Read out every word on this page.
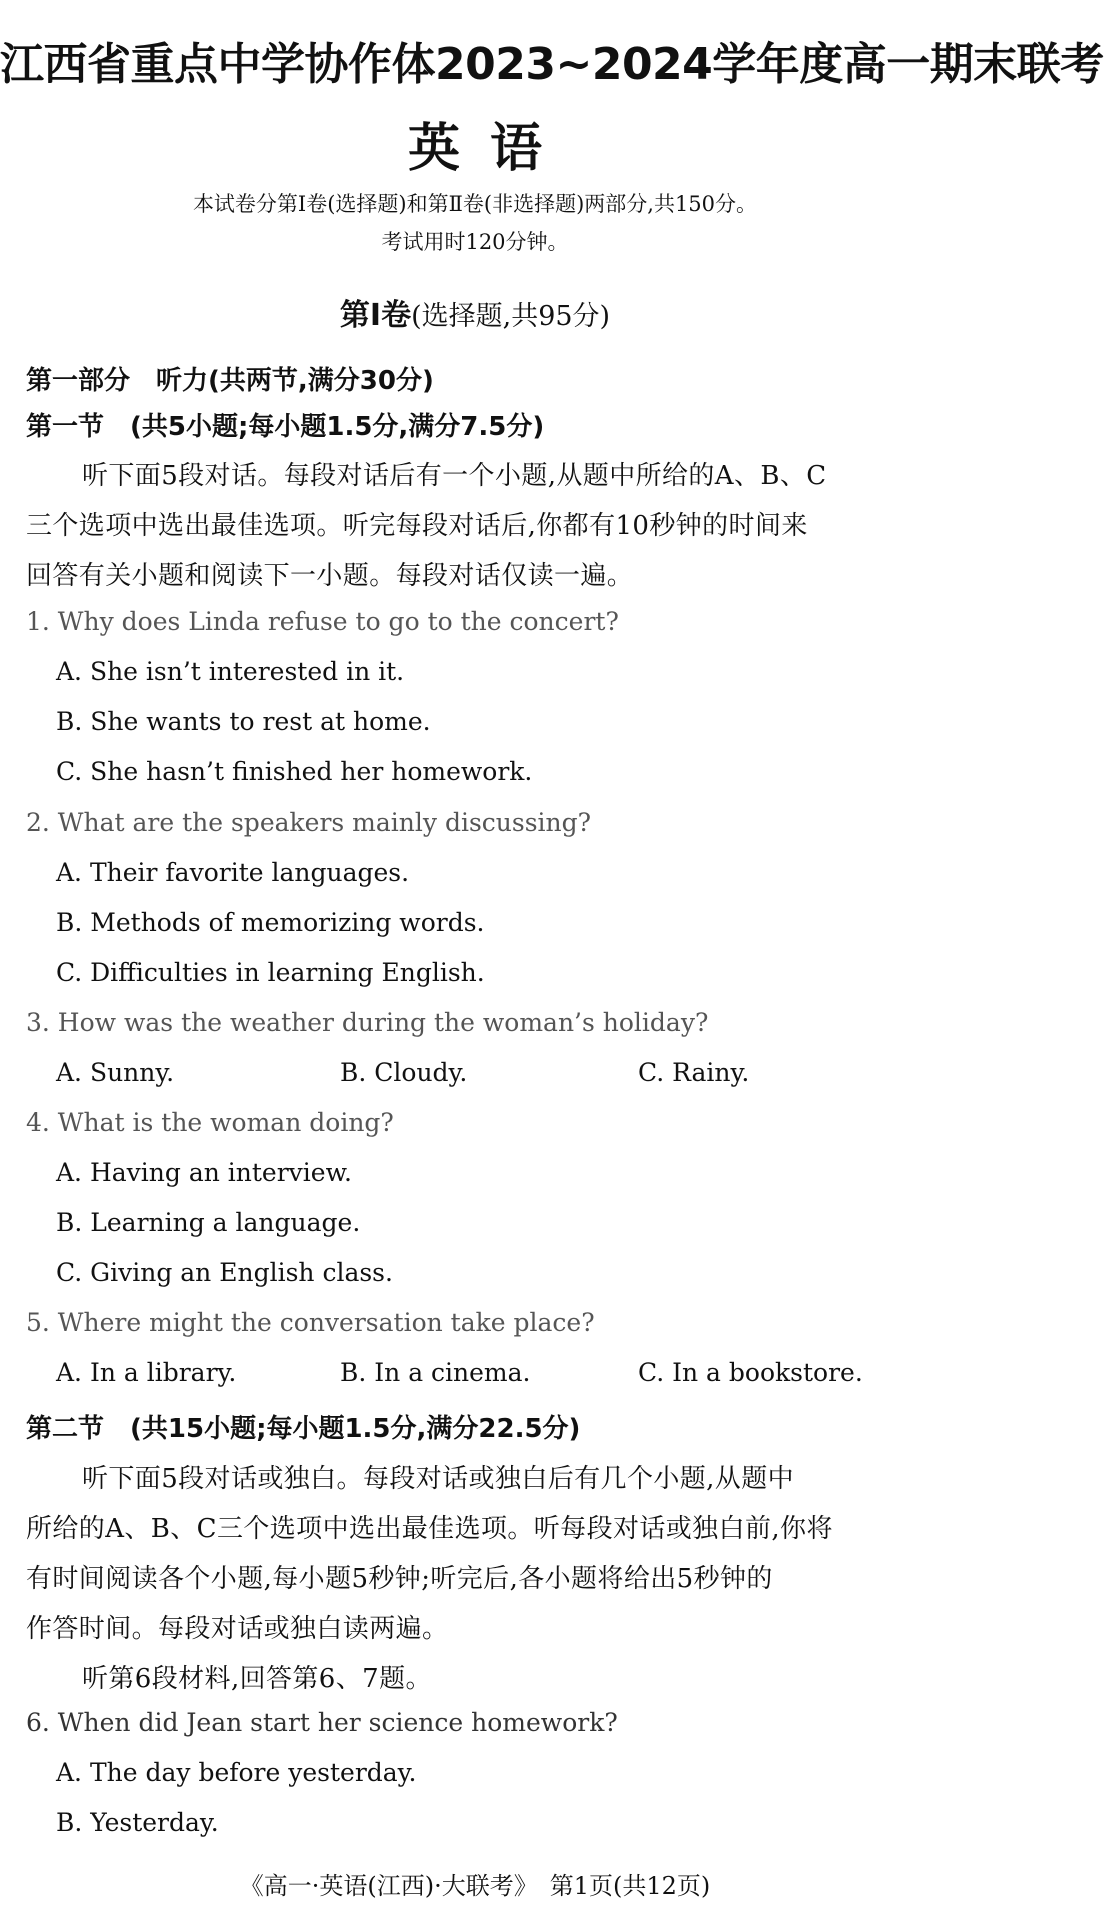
江西省重点中学协作体2023~2024学年度高一期末联考
英语
本试卷分第Ⅰ卷(选择题)和第Ⅱ卷(非选择题)两部分,共150分。
考试用时120分钟。
第Ⅰ卷(选择题,共95分)
第一部分　听力(共两节,满分30分)
第一节　(共5小题;每小题1.5分,满分7.5分)
听下面5段对话。每段对话后有一个小题,从题中所给的A、B、C
三个选项中选出最佳选项。听完每段对话后,你都有10秒钟的时间来
回答有关小题和阅读下一小题。每段对话仅读一遍。
1. Why does Linda refuse to go to the concert?
A. She isn’t interested in it.
B. She wants to rest at home.
C. She hasn’t finished her homework.
2. What are the speakers mainly discussing?
A. Their favorite languages.
B. Methods of memorizing words.
C. Difficulties in learning English.
3. How was the weather during the woman’s holiday?
A. Sunny.	B. Cloudy.	C. Rainy.
4. What is the woman doing?
A. Having an interview.
B. Learning a language.
C. Giving an English class.
5. Where might the conversation take place?
A. In a library.	B. In a cinema.	C. In a bookstore.
第二节　(共15小题;每小题1.5分,满分22.5分)
听下面5段对话或独白。每段对话或独白后有几个小题,从题中
所给的A、B、C三个选项中选出最佳选项。听每段对话或独白前,你将
有时间阅读各个小题,每小题5秒钟;听完后,各小题将给出5秒钟的
作答时间。每段对话或独白读两遍。
听第6段材料,回答第6、7题。
6. When did Jean start her science homework?
A. The day before yesterday.
B. Yesterday.
《高一·英语(江西)·大联考》　第1页(共12页)
